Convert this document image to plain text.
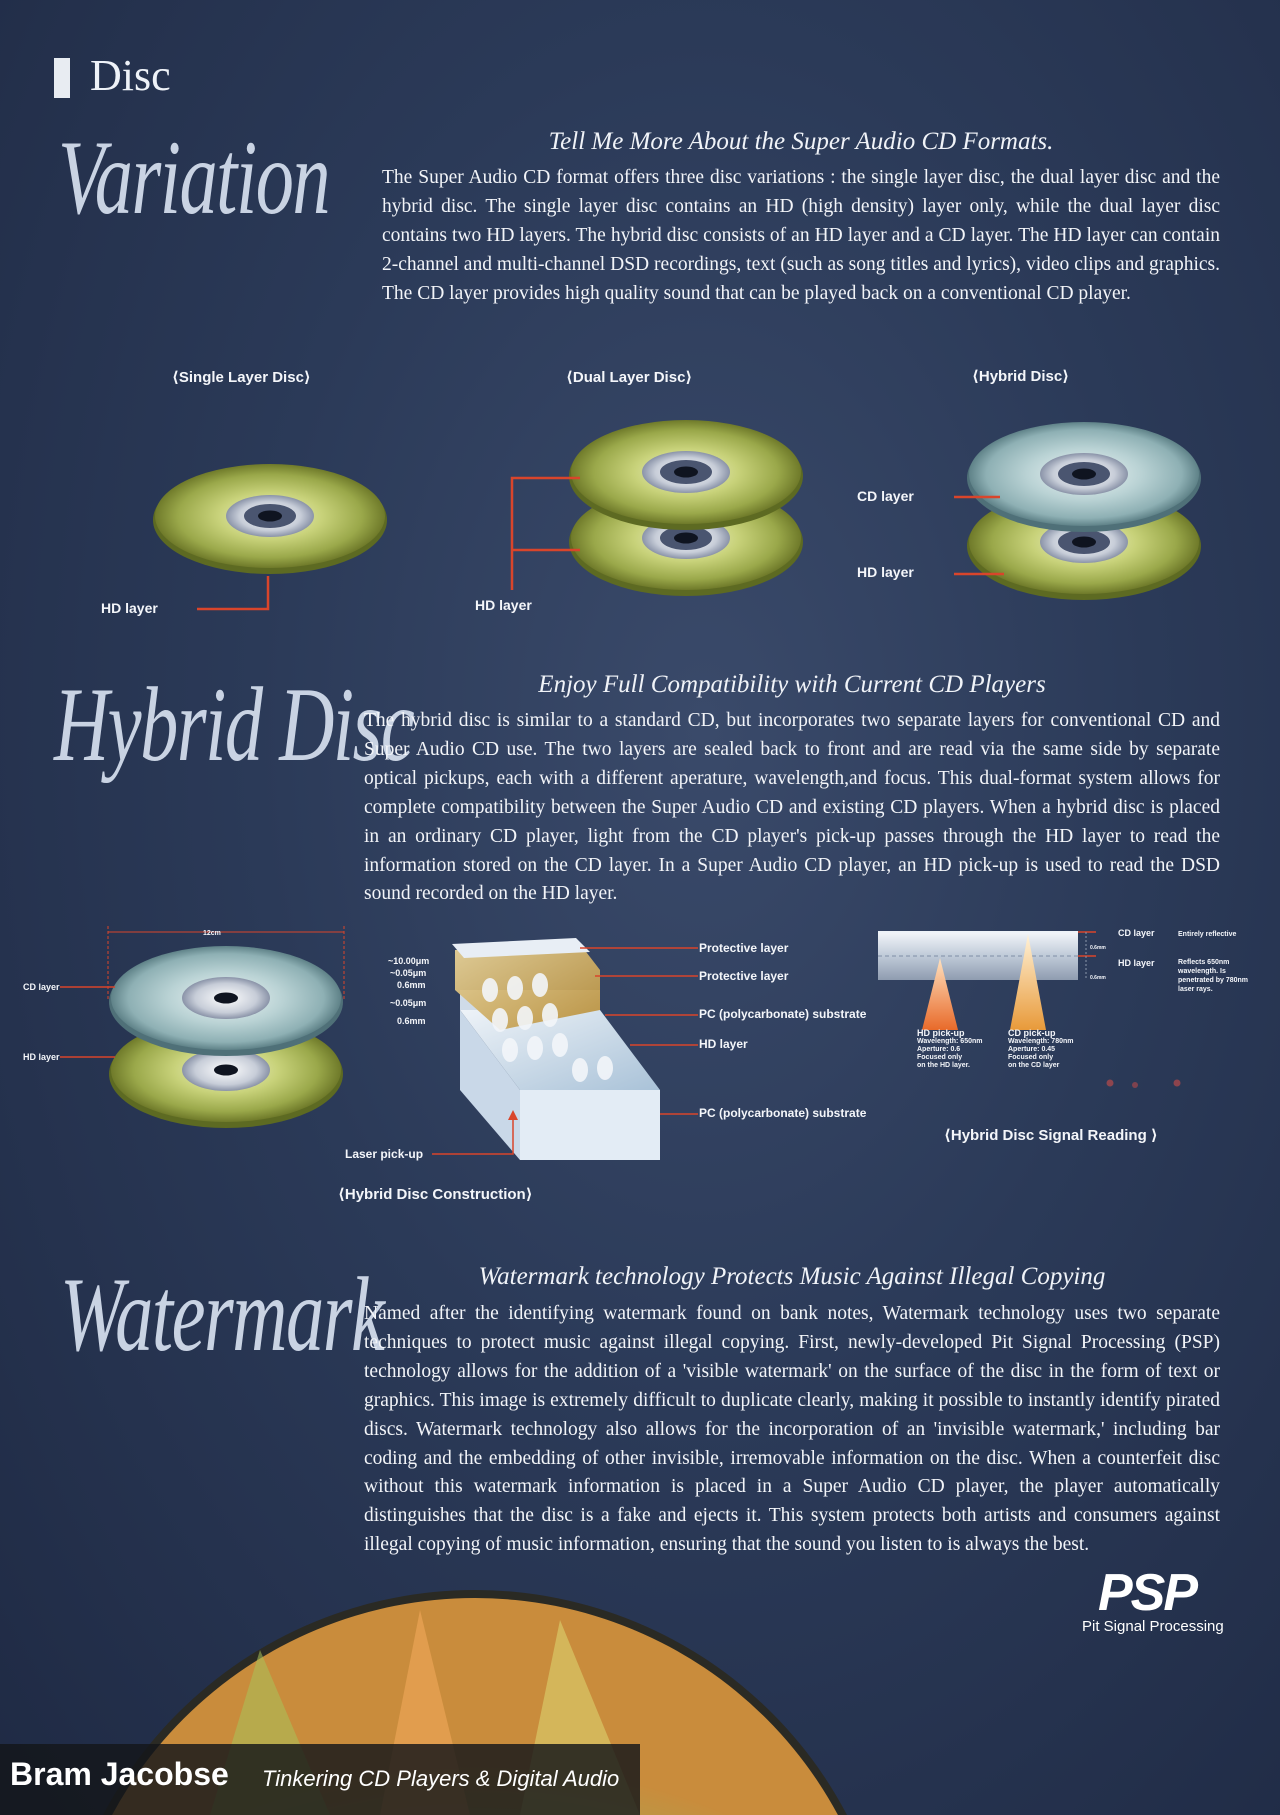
Disc
Variation	Tell Me More About the Super Audio CD Formats.
The Super Audio CD format offers three disc variations : the single layer disc, the dual layer disc and the hybrid disc. The single layer disc contains an HD (high density) layer only, while the dual layer disc contains two HD layers. The hybrid disc consists of an HD layer and a CD layer. The HD layer can contain 2-channel and multi-channel DSD recordings, text (such as song titles and lyrics), video clips and graphics. The CD layer provides high quality sound that can be played back on a conventional CD player.
⟨Single Layer Disc⟩	⟨Dual Layer Disc⟩	⟨Hybrid Disc⟩
HD layer	HD layer
CD layer
HD layer
Hybrid Disc	Enjoy Full Compatibility with Current CD Players
The hybrid disc is similar to a standard CD, but incorporates two separate layers for conventional CD and Super Audio CD use. The two layers are sealed back to front and are read via the same side by separate optical pickups, each with a different aperature, wavelength,and focus. This dual-format system allows for complete compatibility between the Super Audio CD and existing CD players. When a hybrid disc is placed in an ordinary CD player, light from the CD player's pick-up passes through the HD layer to read the information stored on the CD layer. In a Super Audio CD player, an HD pick-up is used to read the DSD sound recorded on the HD layer.
12cm
CD layer
HD layer
~10.00μm
~0.05μm
0.6mm
~0.05μm
0.6mm
Protective layer
Protective layer
PC (polycarbonate) substrate
HD layer
PC (polycarbonate) substrate
Laser pick-up
⟨Hybrid Disc Construction⟩
CD layer	Entirely reflective
HD layer	Reflects 650nm wavelength. Is penetrated by 780nm laser rays.
0.6mm
0.6mm
HD pick-up
Wavelength: 650nm
Aperture: 0.6
Focused only
on the HD layer.
CD pick-up
Wavelength: 780nm
Aperture: 0.45
Focused only
on the CD layer
⟨Hybrid Disc Signal Reading ⟩
Watermark	Watermark technology Protects Music Against Illegal Copying
Named after the identifying watermark found on bank notes, Watermark technology uses two separate techniques to protect music against illegal copying. First, newly-developed Pit Signal Processing (PSP) technology allows for the addition of a 'visible watermark' on the surface of the disc in the form of text or graphics. This image is extremely difficult to duplicate clearly, making it possible to instantly identify pirated discs. Watermark technology also allows for the incorporation of an 'invisible watermark,' including bar coding and the embedding of other invisible, irremovable information on the disc. When a counterfeit disc without this watermark information is placed in a Super Audio CD player, the player automatically distinguishes that the disc is a fake and ejects it. This system protects both artists and consumers against illegal copying of music information, ensuring that the sound you listen to is always the best.
PSP
Pit Signal Processing
Bram Jacobse Tinkering CD Players & Digital Audio
